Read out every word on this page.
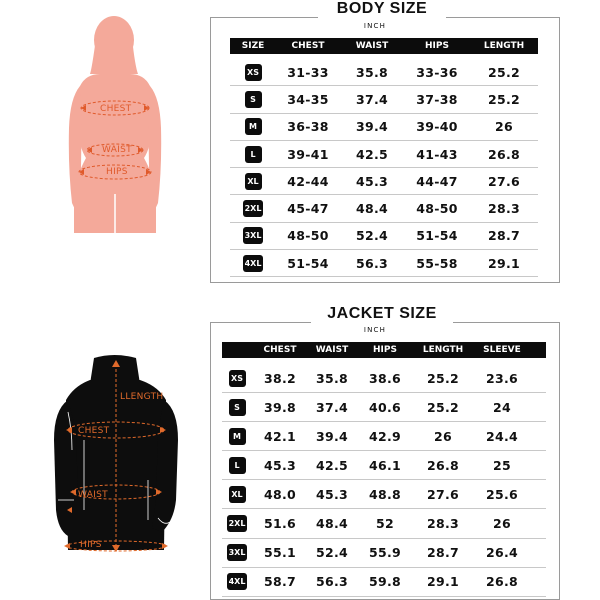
CHEST
WAIST
HIPS
LLENGTH
CHEST
WAIST
HIPS
BODY SIZE
INCH
SIZE	CHEST	WAIST	HIPS	LENGTH
XS	31-33	35.8	33-36	25.2
S	34-35	37.4	37-38	25.2
M	36-38	39.4	39-40	26
L	39-41	42.5	41-43	26.8
XL	42-44	45.3	44-47	27.6
2XL	45-47	48.4	48-50	28.3
3XL	48-50	52.4	51-54	28.7
4XL	51-54	56.3	55-58	29.1
JACKET SIZE
INCH
CHEST	WAIST	HIPS	LENGTH	SLEEVE
XS	38.2	35.8	38.6	25.2	23.6
S	39.8	37.4	40.6	25.2	24
M	42.1	39.4	42.9	26	24.4
L	45.3	42.5	46.1	26.8	25
XL	48.0	45.3	48.8	27.6	25.6
2XL	51.6	48.4	52	28.3	26
3XL	55.1	52.4	55.9	28.7	26.4
4XL	58.7	56.3	59.8	29.1	26.8
